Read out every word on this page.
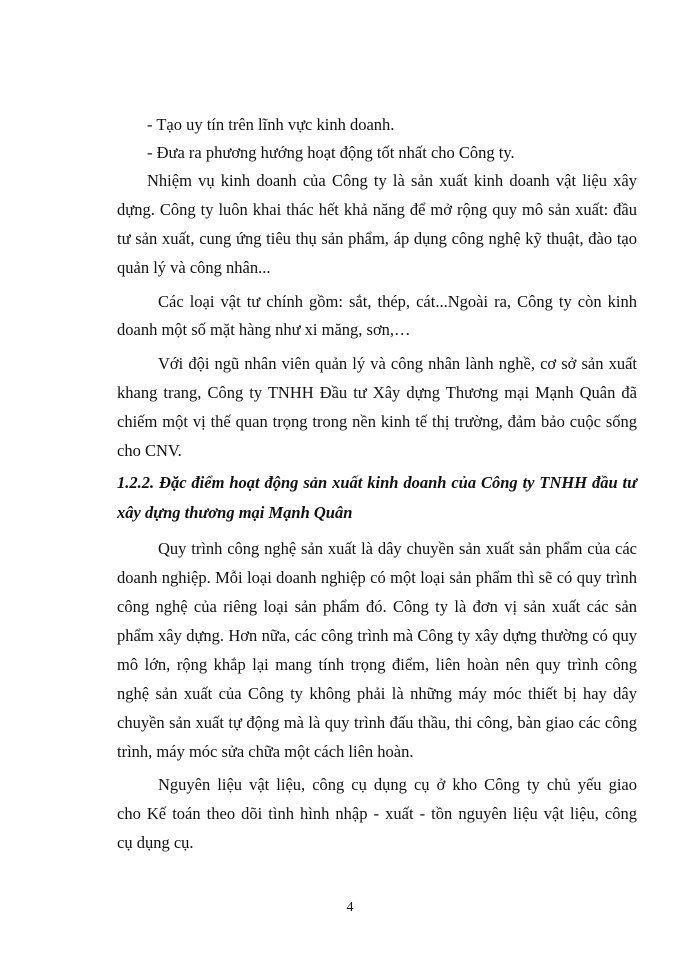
- Tạo uy tín trên lĩnh vực kinh doanh.
- Đưa ra phương hướng hoạt động tốt nhất cho Công ty.
Nhiệm vụ kinh doanh của Công ty là sản xuất kinh doanh vật liệu xây
dựng. Công ty luôn khai thác hết khả năng để mở rộng quy mô sản xuất: đầu
tư sản xuất, cung ứng tiêu thụ sản phẩm, áp dụng công nghệ kỹ thuật, đào tạo
quản lý và công nhân...
Các loại vật tư chính gồm: sắt, thép, cát...Ngoài ra, Công ty còn kinh
doanh một số mặt hàng như xi măng, sơn,…
Với đội ngũ nhân viên quản lý và công nhân lành nghề, cơ sở sản xuất
khang trang, Công ty TNHH Đầu tư Xây dựng Thương mại Mạnh Quân đã
chiếm một vị thế quan trọng trong nền kinh tế thị trường, đảm bảo cuộc sống
cho CNV.
1.2.2. Đặc điểm hoạt động sản xuất kinh doanh của Công ty TNHH đầu tư
xây dựng thương mại Mạnh Quân
Quy trình công nghệ sản xuất là dây chuyền sản xuất sản phẩm của các
doanh nghiệp. Mỗi loại doanh nghiệp có một loại sản phẩm thì sẽ có quy trình
công nghệ của riêng loại sản phẩm đó. Công ty là đơn vị sản xuất các sản
phẩm xây dựng. Hơn nữa, các công trình mà Công ty xây dựng thường có quy
mô lớn, rộng khắp lại mang tính trọng điểm, liên hoàn nên quy trình công
nghệ sản xuất của Công ty không phải là những máy móc thiết bị hay dây
chuyền sản xuất tự động mà là quy trình đấu thầu, thi công, bàn giao các công
trình, máy móc sửa chữa một cách liên hoàn.
Nguyên liệu vật liệu, công cụ dụng cụ ở kho Công ty chủ yếu giao
cho Kế toán theo dõi tình hình nhập - xuất - tồn nguyên liệu vật liệu, công
cụ dụng cụ.
4
